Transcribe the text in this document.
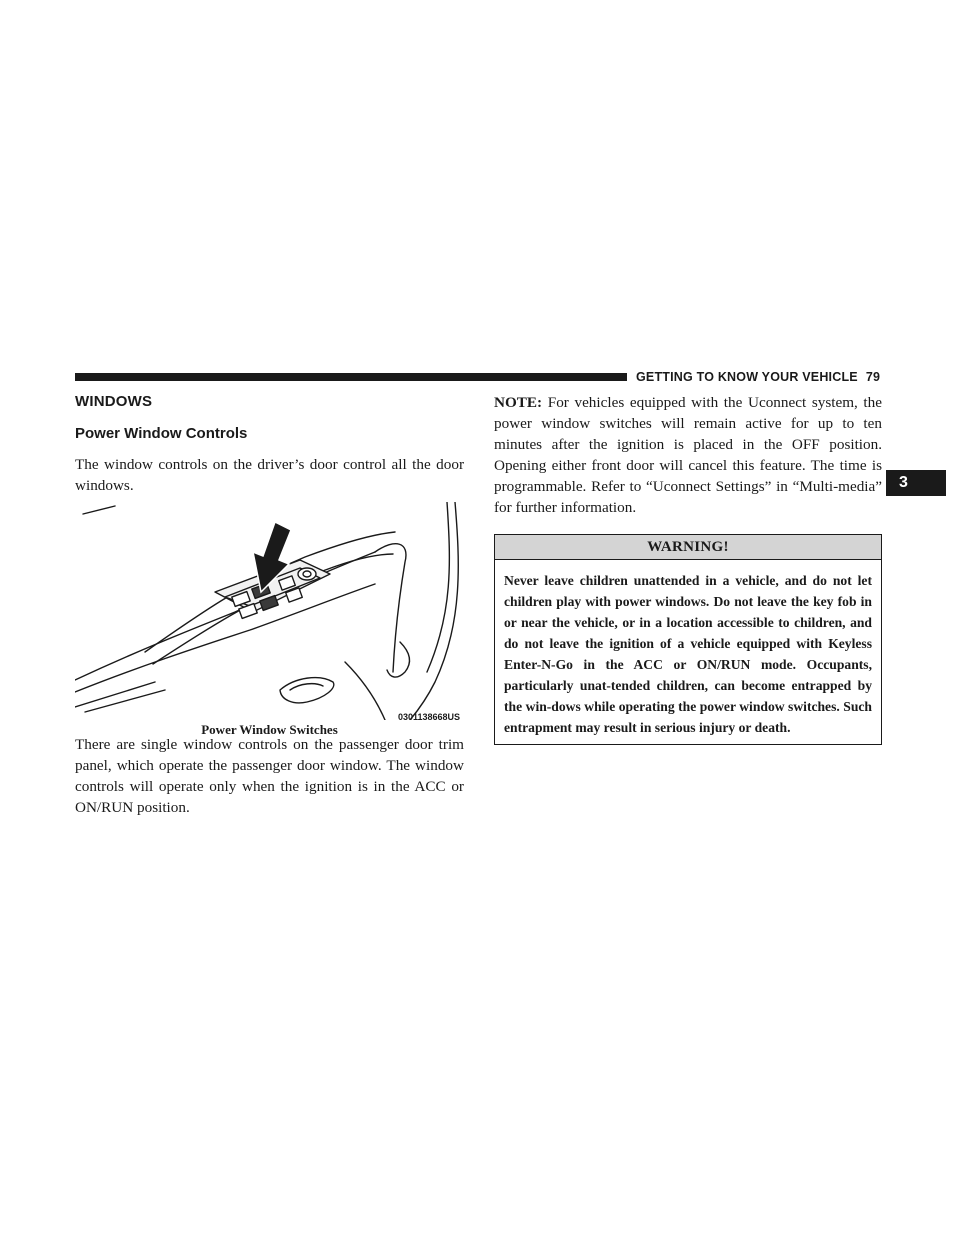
GETTING TO KNOW YOUR VEHICLE 79
3
WINDOWS
Power Window Controls

The window controls on the driver’s door control all the door windows.

0301138668US
Power Window Switches

There are single window controls on the passenger door trim panel, which operate the passenger door window. The window controls will operate only when the ignition is in the ACC or ON/RUN position.

NOTE: For vehicles equipped with the Uconnect system, the power window switches will remain active for up to ten minutes after the ignition is placed in the OFF position. Opening either front door will cancel this feature. The time is programmable. Refer to “Uconnect Settings” in “Multi-media” for further information.

WARNING!
Never leave children unattended in a vehicle, and do not let children play with power windows. Do not leave the key fob in or near the vehicle, or in a location accessible to children, and do not leave the ignition of a vehicle equipped with Keyless Enter-N-Go in the ACC or ON/RUN mode. Occupants, particularly unat-tended children, can become entrapped by the win-dows while operating the power window switches. Such entrapment may result in serious injury or death.
